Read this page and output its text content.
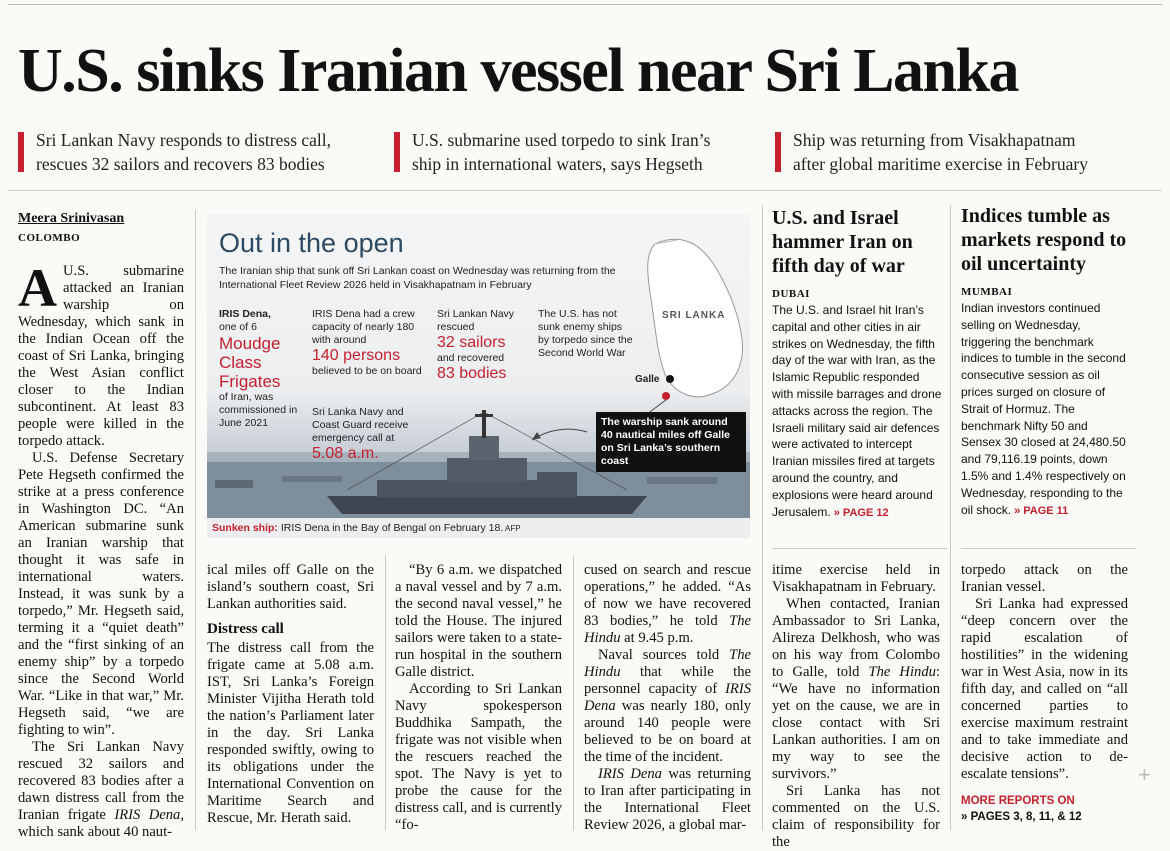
U.S. sinks Iranian vessel near Sri Lanka
Sri Lankan Navy responds to distress call,
rescues 32 sailors and recovers 83 bodies
U.S. submarine used torpedo to sink Iran’s
ship in international waters, says Hegseth
Ship was returning from Visakhapatnam
after global maritime exercise in February
Meera Srinivasan
COLOMBO

A U.S. submarine attacked an Iranian warship on Wednesday, which sank in the Indian Ocean off the coast of Sri Lanka, bringing the West Asian conflict closer to the Indian subcontinent. At least 83 people were killed in the torpedo attack.

U.S. Defense Secretary Pete Hegseth confirmed the strike at a press conference in Washington DC. “An American submarine sunk an Iranian warship that thought it was safe in international waters. Instead, it was sunk by a torpedo,” Mr. Hegseth said, terming it a “quiet death” and the “first sinking of an enemy ship” by a torpedo since the Second World War. “Like in that war,” Mr. Hegseth said, “we are fighting to win”.

The Sri Lankan Navy rescued 32 sailors and recovered 83 bodies after a dawn distress call from the Iranian frigate IRIS Dena, which sank about 40 naut-

Out in the open
The Iranian ship that sunk off Sri Lankan coast on Wednesday was returning from the International Fleet Review 2026 held in Visakhapatnam in February
IRIS Dena,
one of 6
Moudge Class Frigates
of Iran, was commissioned in June 2021
IRIS Dena had a crew capacity of nearly 180 with around
140 persons
believed to be on board
Sri Lanka Navy and Coast Guard receive emergency call at
5.08 a.m.
Sri Lankan Navy rescued
32 sailors
and recovered
83 bodies
The U.S. has not sunk enemy ships by torpedo since the Second World War
SRI LANKA
Galle
The warship sank around 40 nautical miles off Galle on Sri Lanka’s southern coast
Sunken ship: IRIS Dena in the Bay of Bengal on February 18. AFP

ical miles off Galle on the island’s southern coast, Sri Lankan authorities said.

Distress call

The distress call from the frigate came at 5.08 a.m. IST, Sri Lanka’s Foreign Minister Vijitha Herath told the nation’s Parliament later in the day. Sri Lanka responded swiftly, owing to its obligations under the International Convention on Maritime Search and Rescue, Mr. Herath said.

“By 6 a.m. we dispatched a naval vessel and by 7 a.m. the second naval vessel,” he told the House. The injured sailors were taken to a state-run hospital in the southern Galle district.

According to Sri Lankan Navy spokesperson Buddhika Sampath, the frigate was not visible when the rescuers reached the spot. The Navy is yet to probe the cause for the distress call, and is currently “fo-

cused on search and rescue operations,” he added. “As of now we have recovered 83 bodies,” he told The Hindu at 9.45 p.m.

Naval sources told The Hindu that while the personnel capacity of IRIS Dena was nearly 180, only around 140 people were believed to be on board at the time of the incident.

IRIS Dena was returning to Iran after participating in the International Fleet Review 2026, a global mar-

itime exercise held in Visakhapatnam in February.

When contacted, Iranian Ambassador to Sri Lanka, Alireza Delkhosh, who was on his way from Colombo to Galle, told The Hindu: “We have no information yet on the cause, we are in close contact with Sri Lankan authorities. I am on my way to see the survivors.”

Sri Lanka has not commented on the U.S. claim of responsibility for the

torpedo attack on the Iranian vessel.

Sri Lanka had expressed “deep concern over the rapid escalation of hostilities” in the widening war in West Asia, now in its fifth day, and called on “all concerned parties to exercise maximum restraint and to take immediate and decisive action to de-escalate tensions”.

U.S. and Israel hammer Iran on fifth day of war
DUBAI
The U.S. and Israel hit Iran’s capital and other cities in air strikes on Wednesday, the fifth day of the war with Iran, as the Islamic Republic responded with missile barrages and drone attacks across the region. The Israeli military said air defences were activated to intercept Iranian missiles fired at targets around the country, and explosions were heard around Jerusalem. » PAGE 12
Indices tumble as markets respond to oil uncertainty
MUMBAI
Indian investors continued selling on Wednesday, triggering the benchmark indices to tumble in the second consecutive session as oil prices surged on closure of Strait of Hormuz. The benchmark Nifty 50 and Sensex 30 closed at 24,480.50 and 79,116.19 points, down 1.5% and 1.4% respectively on Wednesday, responding to the oil shock. » PAGE 11
MORE REPORTS ON
» PAGES 3, 8, 11, & 12
+
